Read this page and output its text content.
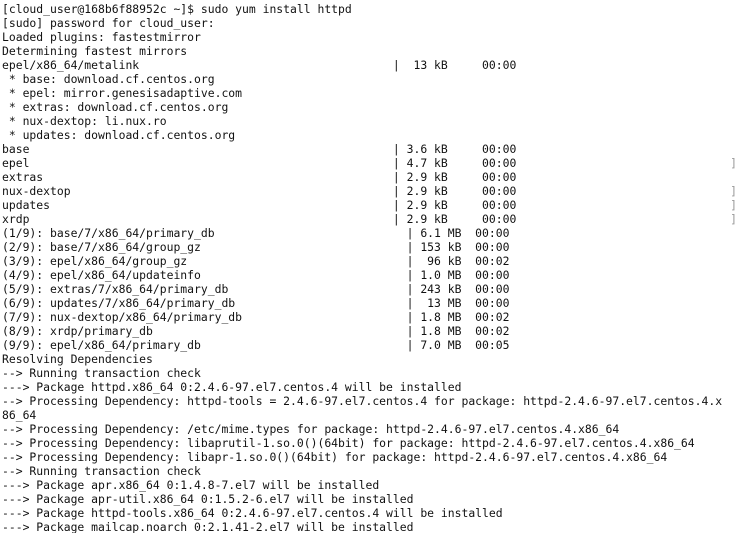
[cloud_user@168b6f88952c ~]$ sudo yum install httpd
[sudo] password for cloud_user:
Loaded plugins: fastestmirror
Determining fastest mirrors
epel/x86_64/metalink                                     |  13 kB     00:00
* base: download.cf.centos.org
* epel: mirror.genesisadaptive.com
* extras: download.cf.centos.org
* nux-dextop: li.nux.ro
* updates: download.cf.centos.org
base                                                     | 3.6 kB     00:00
epel                                                     | 4.7 kB     00:00	]
extras                                                   | 2.9 kB     00:00
nux-dextop                                               | 2.9 kB     00:00	]
updates                                                  | 2.9 kB     00:00	]
xrdp                                                     | 2.9 kB     00:00	]
(1/9): base/7/x86_64/primary_db                            | 6.1 MB  00:00
(2/9): base/7/x86_64/group_gz                              | 153 kB  00:00
(3/9): epel/x86_64/group_gz                                |  96 kB  00:02
(4/9): epel/x86_64/updateinfo                              | 1.0 MB  00:00
(5/9): extras/7/x86_64/primary_db                          | 243 kB  00:00
(6/9): updates/7/x86_64/primary_db                         |  13 MB  00:00
(7/9): nux-dextop/x86_64/primary_db                        | 1.8 MB  00:02
(8/9): xrdp/primary_db                                     | 1.8 MB  00:02
(9/9): epel/x86_64/primary_db                              | 7.0 MB  00:05
Resolving Dependencies
--> Running transaction check
---> Package httpd.x86_64 0:2.4.6-97.el7.centos.4 will be installed
--> Processing Dependency: httpd-tools = 2.4.6-97.el7.centos.4 for package: httpd-2.4.6-97.el7.centos.4.x
86_64
--> Processing Dependency: /etc/mime.types for package: httpd-2.4.6-97.el7.centos.4.x86_64
--> Processing Dependency: libaprutil-1.so.0()(64bit) for package: httpd-2.4.6-97.el7.centos.4.x86_64
--> Processing Dependency: libapr-1.so.0()(64bit) for package: httpd-2.4.6-97.el7.centos.4.x86_64
--> Running transaction check
---> Package apr.x86_64 0:1.4.8-7.el7 will be installed
---> Package apr-util.x86_64 0:1.5.2-6.el7 will be installed
---> Package httpd-tools.x86_64 0:2.4.6-97.el7.centos.4 will be installed
---> Package mailcap.noarch 0:2.1.41-2.el7 will be installed
